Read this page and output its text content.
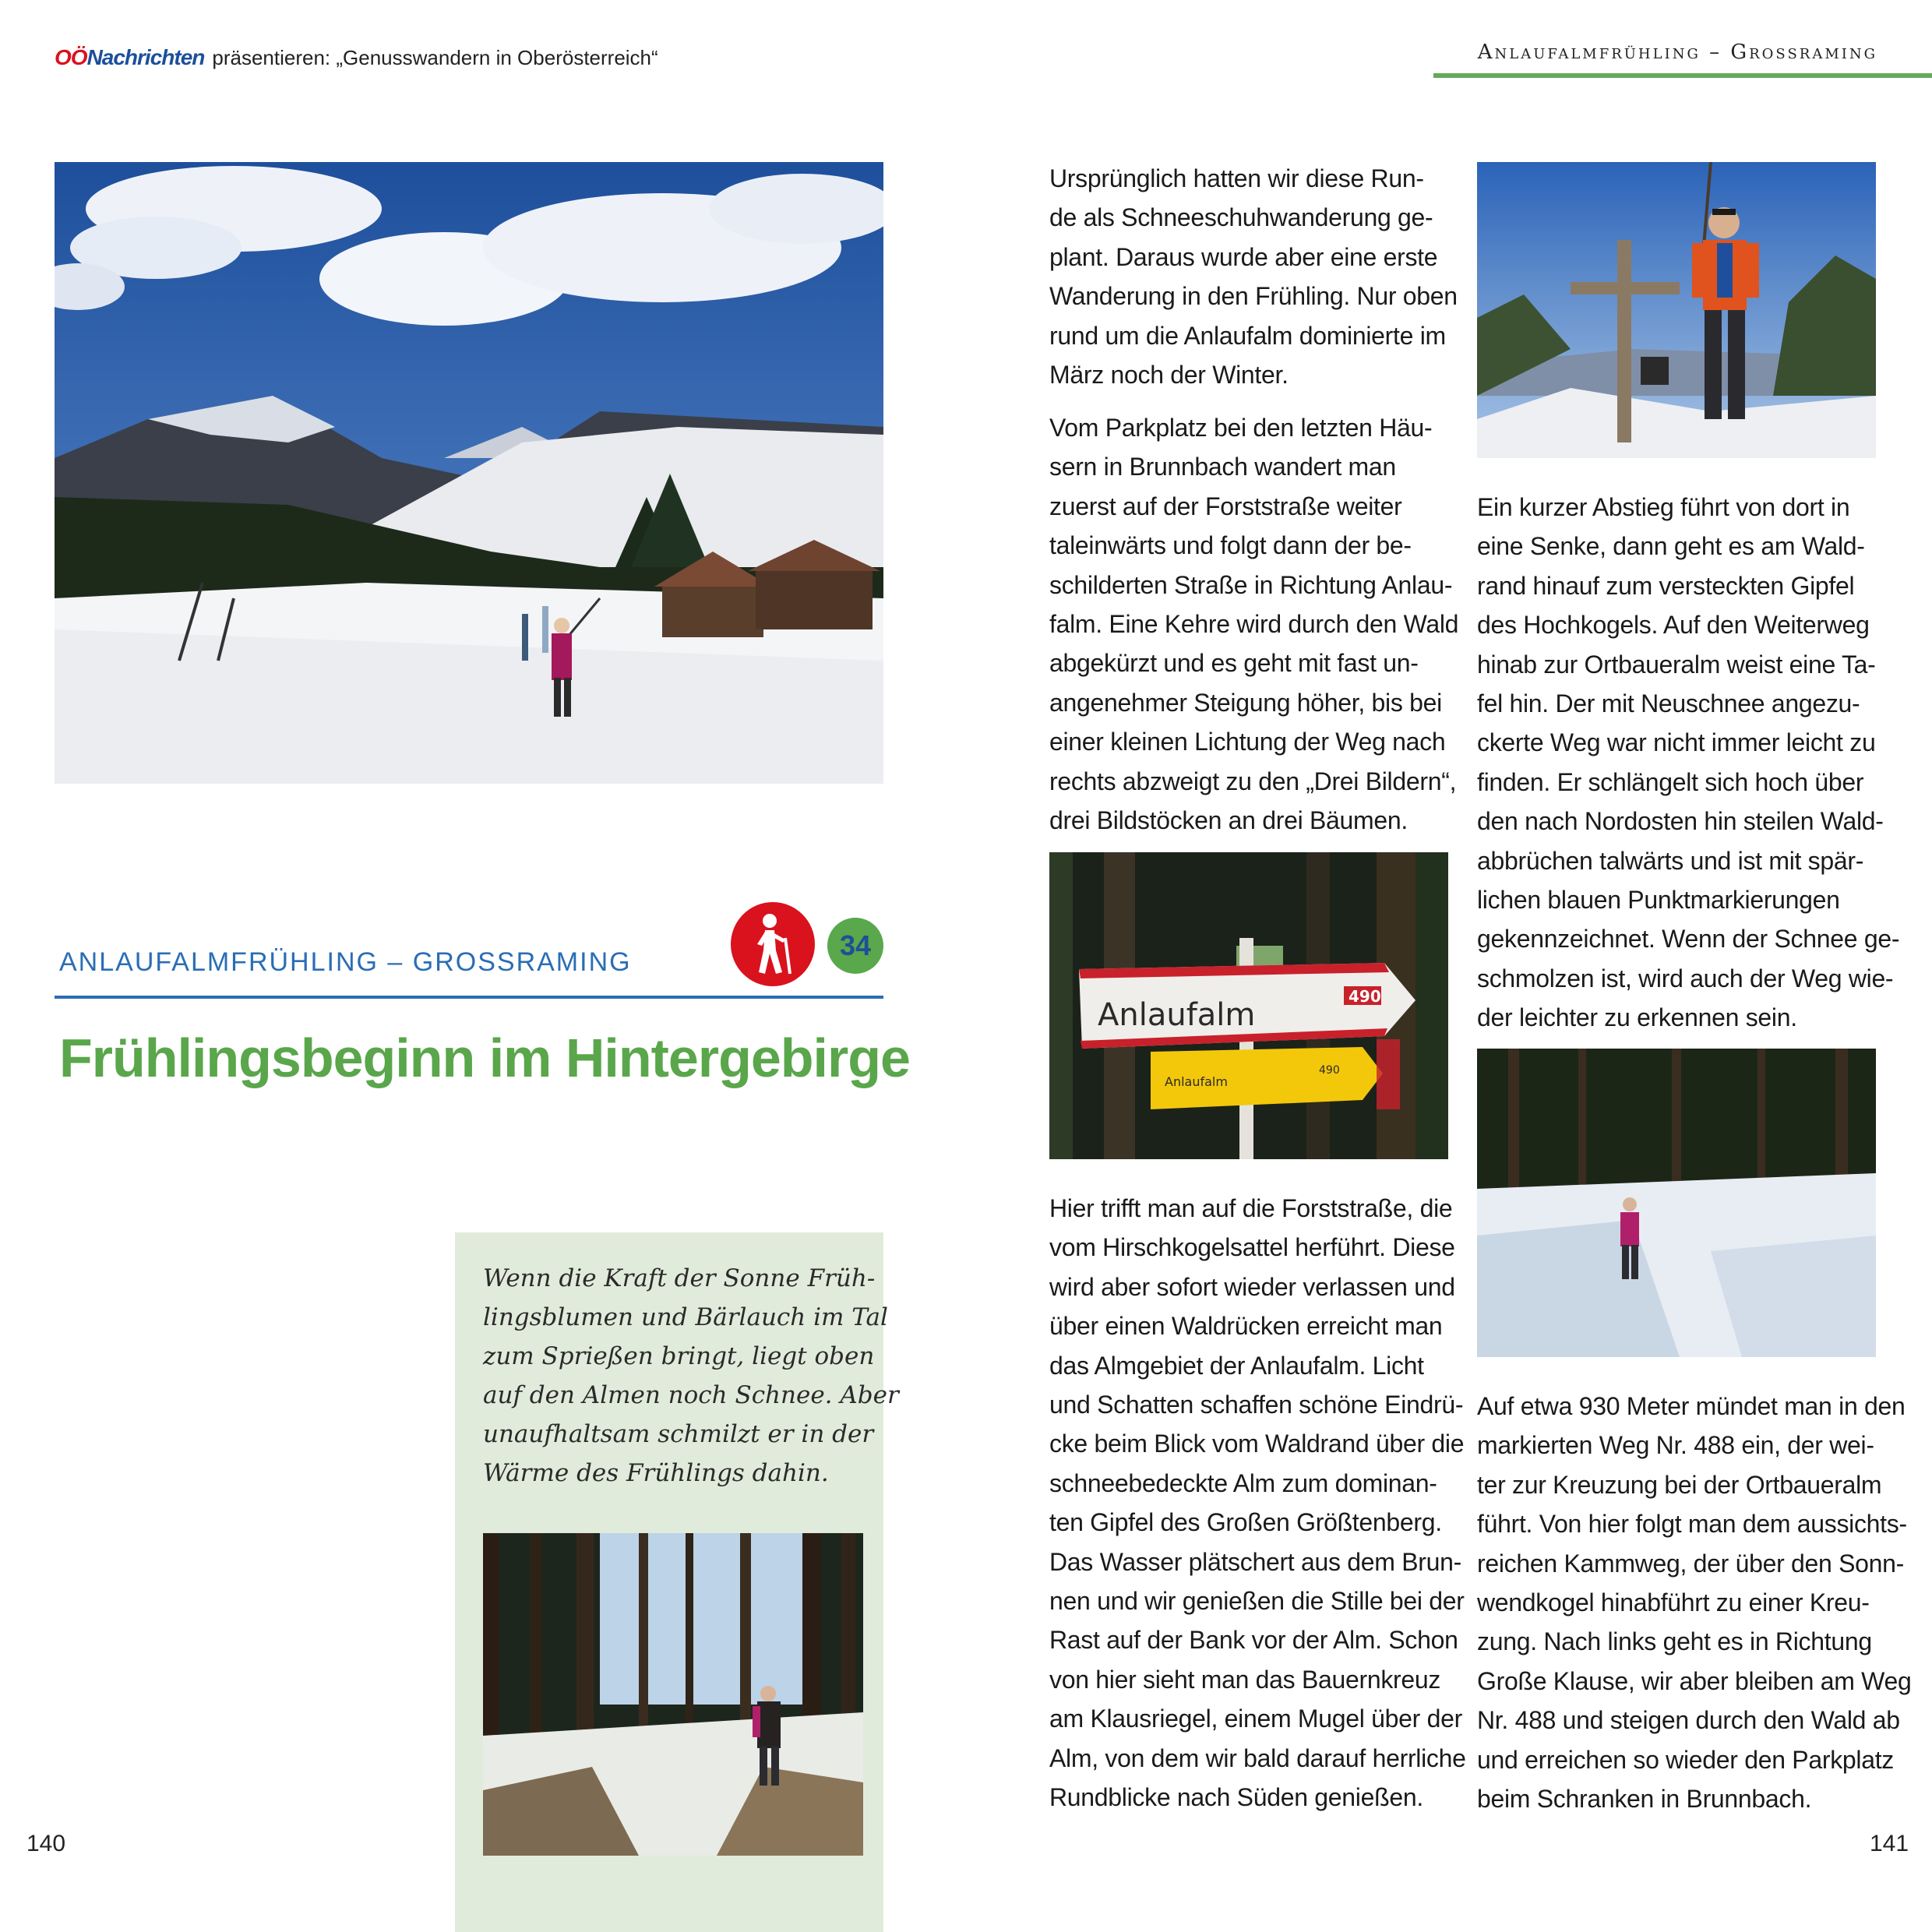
OÖNachrichten präsentieren: „Genusswandern in Oberösterreich“	Anlaufalmfrühling – Grossraming
ANLAUFALMFRÜHLING – GROSSRAMING
34
Frühlingsbeginn im Hintergebirge
Wenn die Kraft der Sonne Früh-
lingsblumen und Bärlauch im Tal
zum Sprießen bringt, liegt oben
auf den Almen noch Schnee. Aber
unaufhaltsam schmilzt er in der
Wärme des Frühlings dahin.
Ursprünglich hatten wir diese Run-
de als Schneeschuhwanderung ge-
plant. Daraus wurde aber eine erste
Wanderung in den Frühling. Nur oben
rund um die Anlaufalm dominierte im
März noch der Winter.
Vom Parkplatz bei den letzten Häu-
sern in Brunnbach wandert man
zuerst auf der Forststraße weiter
taleinwärts und folgt dann der be-
schilderten Straße in Richtung Anlau-
falm. Eine Kehre wird durch den Wald
abgekürzt und es geht mit fast un-
angenehmer Steigung höher, bis bei
einer kleinen Lichtung der Weg nach
rechts abzweigt zu den „Drei Bildern“,
drei Bildstöcken an drei Bäumen.
Anlaufalm
490
Anlaufalm
490
Hier trifft man auf die Forststraße, die
vom Hirschkogelsattel herführt. Diese
wird aber sofort wieder verlassen und
über einen Waldrücken erreicht man
das Almgebiet der Anlaufalm. Licht
und Schatten schaffen schöne Eindrü-
cke beim Blick vom Waldrand über die
schneebedeckte Alm zum dominan-
ten Gipfel des Großen Größtenberg.
Das Wasser plätschert aus dem Brun-
nen und wir genießen die Stille bei der
Rast auf der Bank vor der Alm. Schon
von hier sieht man das Bauernkreuz
am Klausriegel, einem Mugel über der
Alm, von dem wir bald darauf herrliche
Rundblicke nach Süden genießen.
Ein kurzer Abstieg führt von dort in
eine Senke, dann geht es am Wald-
rand hinauf zum versteckten Gipfel
des Hochkogels. Auf den Weiterweg
hinab zur Ortbaueralm weist eine Ta-
fel hin. Der mit Neuschnee angezu-
ckerte Weg war nicht immer leicht zu
finden. Er schlängelt sich hoch über
den nach Nordosten hin steilen Wald-
abbrüchen talwärts und ist mit spär-
lichen blauen Punktmarkierungen
gekennzeichnet. Wenn der Schnee ge-
schmolzen ist, wird auch der Weg wie-
der leichter zu erkennen sein.
Auf etwa 930 Meter mündet man in den
markierten Weg Nr. 488 ein, der wei-
ter zur Kreuzung bei der Ortbaueralm
führt. Von hier folgt man dem aussichts-
reichen Kammweg, der über den Sonn-
wendkogel hinabführt zu einer Kreu-
zung. Nach links geht es in Richtung
Große Klause, wir aber bleiben am Weg
Nr. 488 und steigen durch den Wald ab
und erreichen so wieder den Parkplatz
beim Schranken in Brunnbach.
140	141
